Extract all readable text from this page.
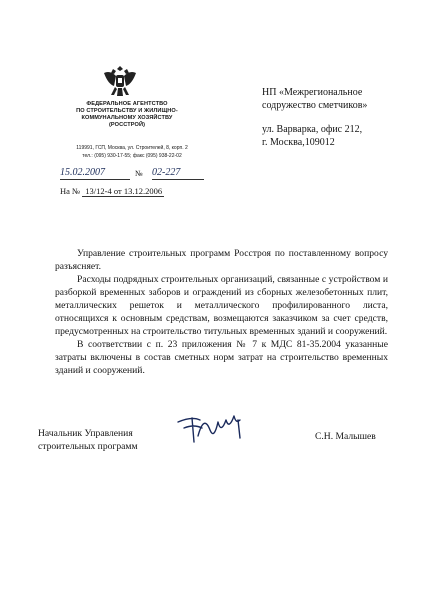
ФЕДЕРАЛЬНОЕ АГЕНТСТВО
ПО СТРОИТЕЛЬСТВУ И ЖИЛИЩНО-
КОММУНАЛЬНОМУ ХОЗЯЙСТВУ
(РОССТРОЙ)
119991, ГСП, Москва, ул. Строителей, 8, корп. 2
тел.: (095) 930-17-55; факс (095) 938-22-02
15.02.2007	№ 02-227
На № 13/12-4 от 13.12.2006
НП «Межрегиональное
содружество сметчиков»
ул. Варварка, офис 212,
г. Москва,109012

Управление строительных программ Росстроя по поставленному вопросу разъясняет.

Расходы подрядных строительных организаций, связанные с устройством и разборкой временных заборов и ограждений из сборных железобетонных плит, металлических решеток и металлического профилированного листа, относящихся к основным средствам, возмещаются заказчиком за счет средств, предусмотренных на строительство титульных временных зданий и сооружений.

В соответствии с п. 23 приложения № 7 к МДС 81-35.2004 указанные затраты включены в состав сметных норм затрат на строительство временных зданий и сооружений.

Начальник Управления
строительных программ
С.Н. Малышев
